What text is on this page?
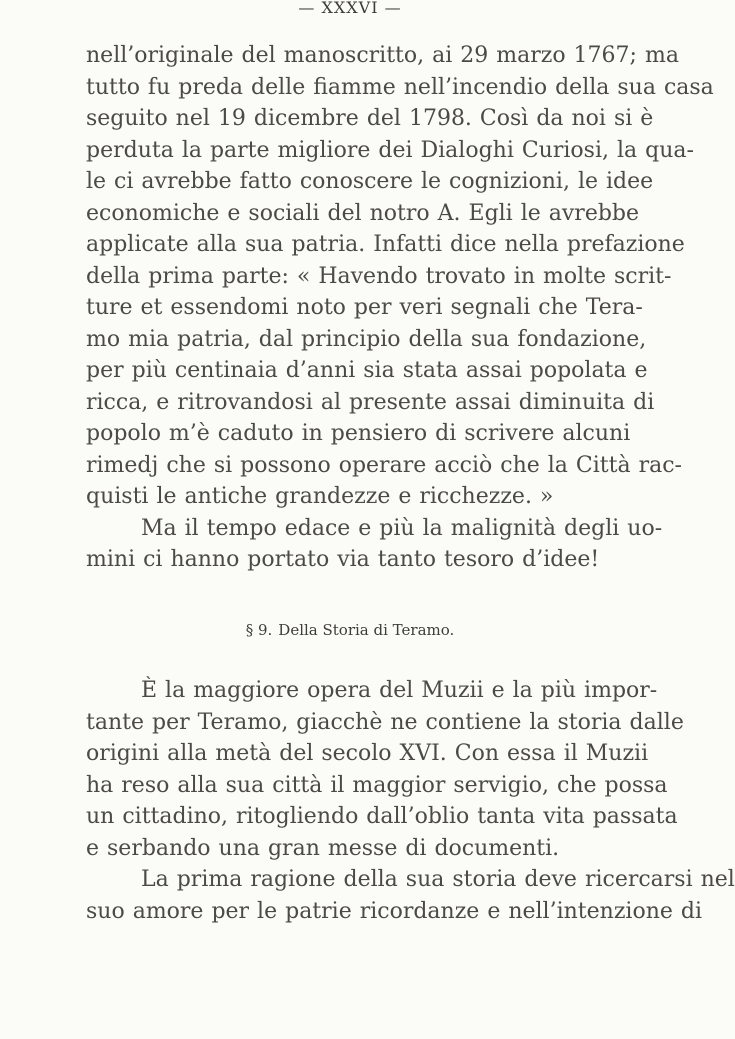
— XXXVI —
nell’originale del manoscritto, ai 29 marzo 1767; ma
tutto fu preda delle fiamme nell’incendio della sua casa
seguito nel 19 dicembre del 1798. Così da noi si è
perduta la parte migliore dei Dialoghi Curiosi, la qua-
le ci avrebbe fatto conoscere le cognizioni, le idee
economiche e sociali del notro A. Egli le avrebbe
applicate alla sua patria. Infatti dice nella prefazione
della prima parte: « Havendo trovato in molte scrit-
ture et essendomi noto per veri segnali che Tera-
mo mia patria, dal principio della sua fondazione,
per più centinaia d’anni sia stata assai popolata e
ricca, e ritrovandosi al presente assai diminuita di
popolo m’è caduto in pensiero di scrivere alcuni
rimedj che si possono operare acciò che la Città rac-
quisti le antiche grandezze e ricchezze. »
Ma il tempo edace e più la malignità degli uo-
mini ci hanno portato via tanto tesoro d’idee!
§ 9. Della Storia di Teramo.
È la maggiore opera del Muzii e la più impor-
tante per Teramo, giacchè ne contiene la storia dalle
origini alla metà del secolo XVI. Con essa il Muzii
ha reso alla sua città il maggior servigio, che possa
un cittadino, ritogliendo dall’oblio tanta vita passata
e serbando una gran messe di documenti.
La prima ragione della sua storia deve ricercarsi nel
suo amore per le patrie ricordanze e nell’intenzione di
